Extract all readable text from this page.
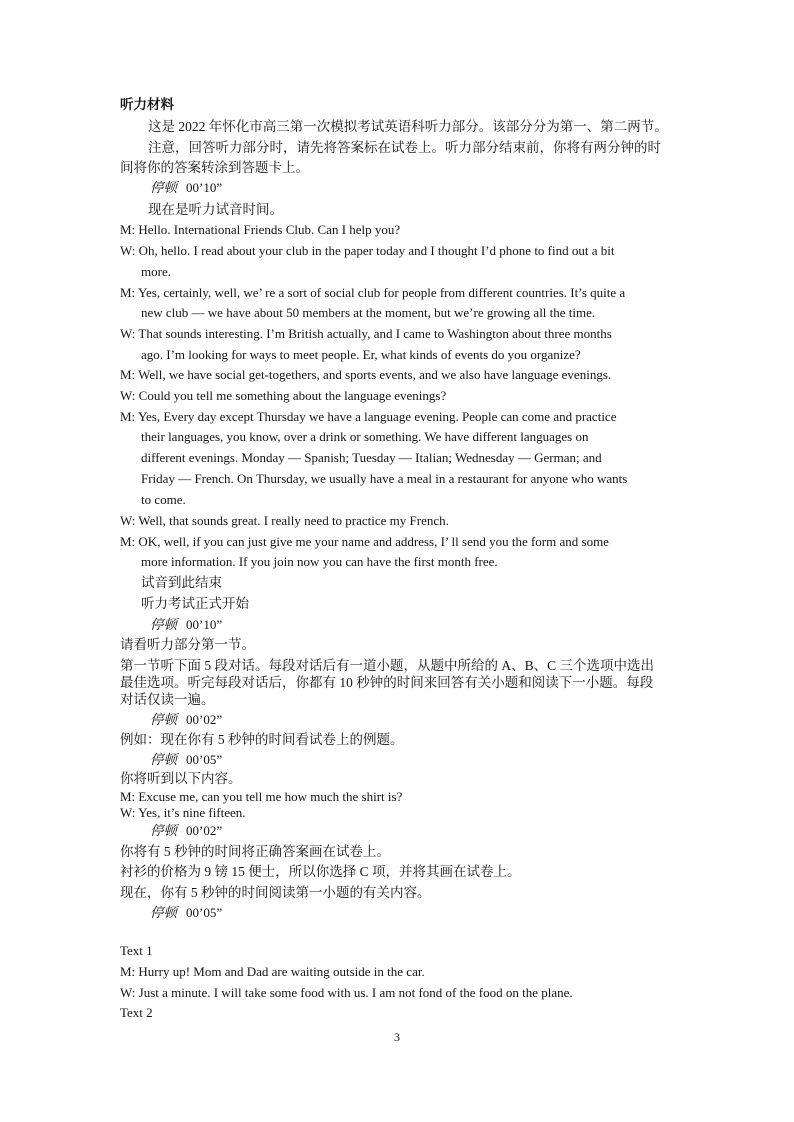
听力材料
这是 2022 年怀化市高三第一次模拟考试英语科听力部分。该部分分为第一、第二两节。
注意，回答听力部分时，请先将答案标在试卷上。听力部分结束前，你将有两分钟的时
间将你的答案转涂到答题卡上。
停顿 00’10”
现在是听力试音时间。
M: Hello. International Friends Club. Can I help you?
W: Oh, hello. I read about your club in the paper today and I thought I’d phone to find out a bit
more.
M: Yes, certainly, well, we’ re a sort of social club for people from different countries. It’s quite a
new club — we have about 50 members at the moment, but we’re growing all the time.
W: That sounds interesting. I’m British actually, and I came to Washington about three months
ago. I’m looking for ways to meet people. Er, what kinds of events do you organize?
M: Well, we have social get-togethers, and sports events, and we also have language evenings.
W: Could you tell me something about the language evenings?
M: Yes, Every day except Thursday we have a language evening. People can come and practice
their languages, you know, over a drink or something. We have different languages on
different evenings. Monday — Spanish; Tuesday — Italian; Wednesday — German; and
Friday — French. On Thursday, we usually have a meal in a restaurant for anyone who wants
to come.
W: Well, that sounds great. I really need to practice my French.
M: OK, well, if you can just give me your name and address, I’ ll send you the form and some
more information. If you join now you can have the first month free.
试音到此结束
听力考试正式开始
停顿 00’10”
请看听力部分第一节。
第一节听下面 5 段对话。每段对话后有一道小题，从题中所给的 A、B、C 三个选项中选出
最佳选项。听完每段对话后，你都有 10 秒钟的时间来回答有关小题和阅读下一小题。每段
对话仅读一遍。
停顿 00’02”
例如：现在你有 5 秒钟的时间看试卷上的例题。
停顿 00’05”
你将听到以下内容。
M: Excuse me, can you tell me how much the shirt is?
W: Yes, it’s nine fifteen.
停顿 00’02”
你将有 5 秒钟的时间将正确答案画在试卷上。
衬衫的价格为 9 镑 15 便士，所以你选择 C 项，并将其画在试卷上。
现在，你有 5 秒钟的时间阅读第一小题的有关内容。
停顿 00’05”
Text 1
M: Hurry up! Mom and Dad are waiting outside in the car.
W: Just a minute. I will take some food with us. I am not fond of the food on the plane.
Text 2
3
